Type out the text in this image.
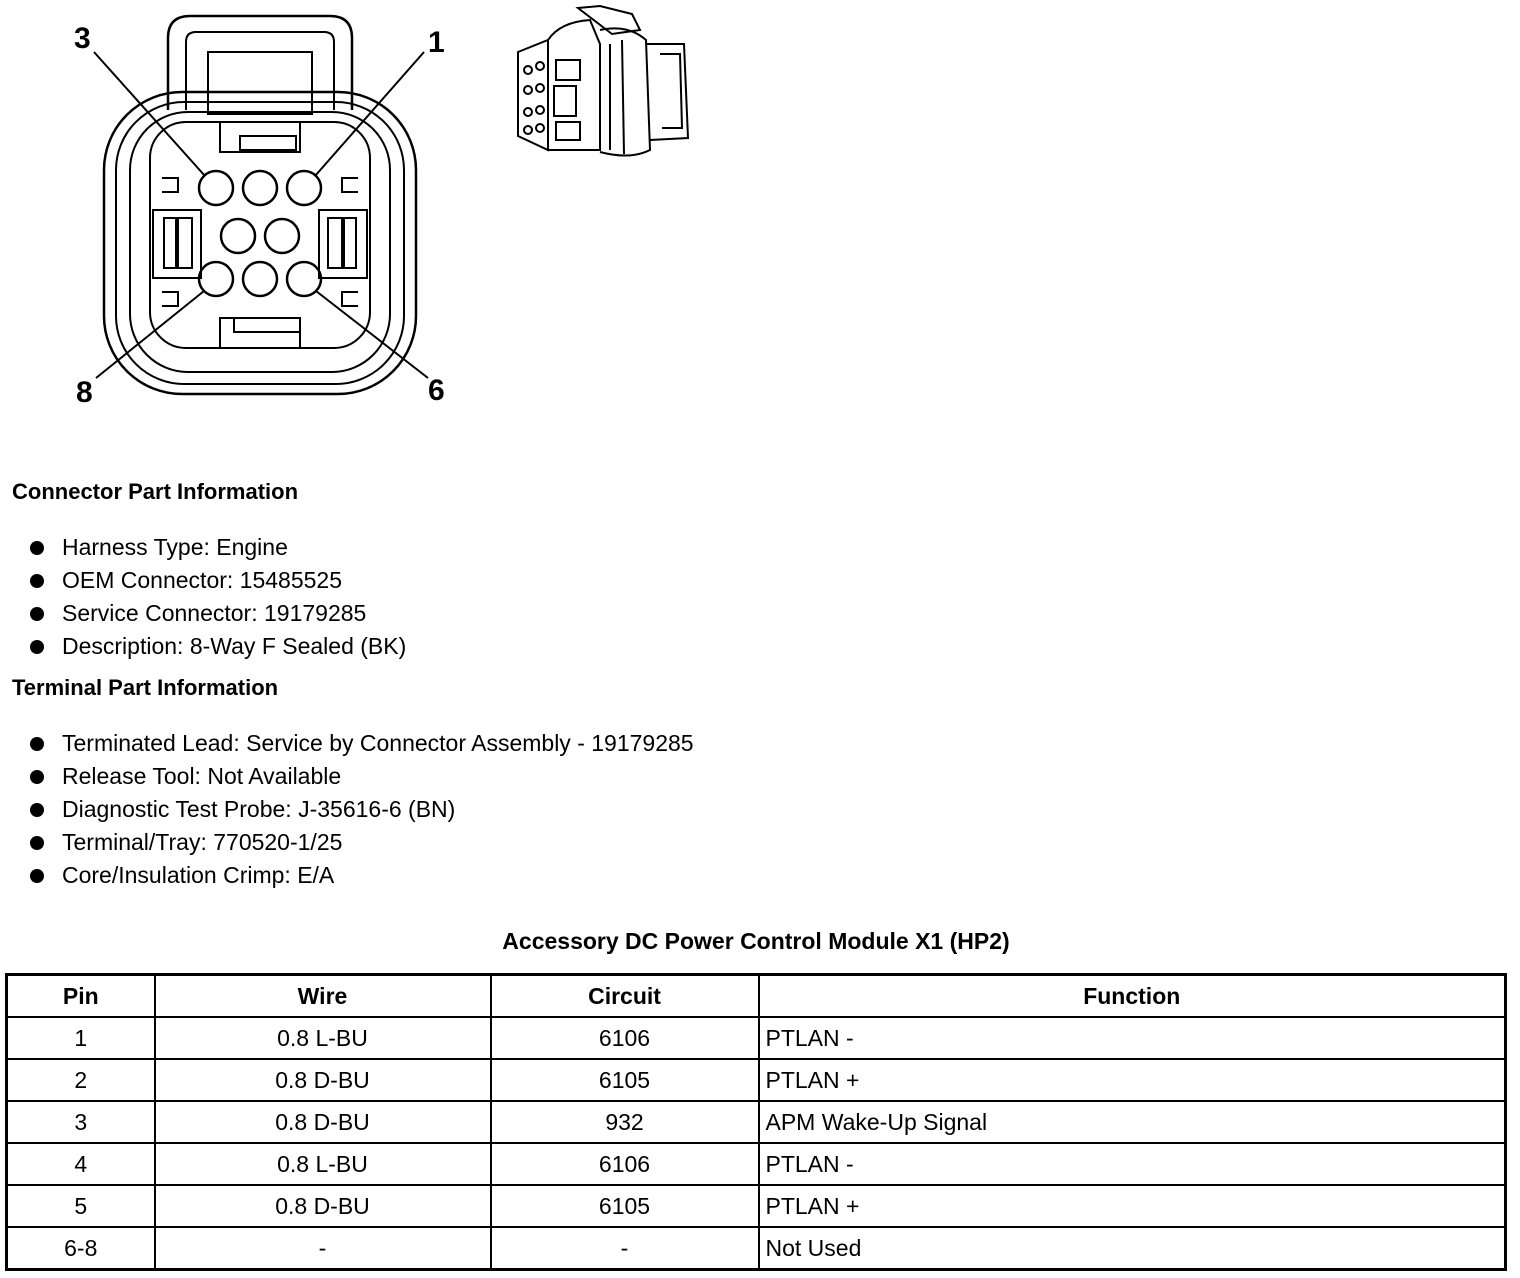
3	1
8	6
Connector Part Information
Harness Type: Engine
OEM Connector: 15485525
Service Connector: 19179285
Description: 8-Way F Sealed (BK)
Terminal Part Information
Terminated Lead: Service by Connector Assembly - 19179285
Release Tool: Not Available
Diagnostic Test Probe: J-35616-6 (BN)
Terminal/Tray: 770520-1/25
Core/Insulation Crimp: E/A
Accessory DC Power Control Module X1 (HP2)
Pin	Wire	Circuit	Function
1	0.8 L-BU	6106	PTLAN -
2	0.8 D-BU	6105	PTLAN +
3	0.8 D-BU	932	APM Wake-Up Signal
4	0.8 L-BU	6106	PTLAN -
5	0.8 D-BU	6105	PTLAN +
6-8	-	-	Not Used
